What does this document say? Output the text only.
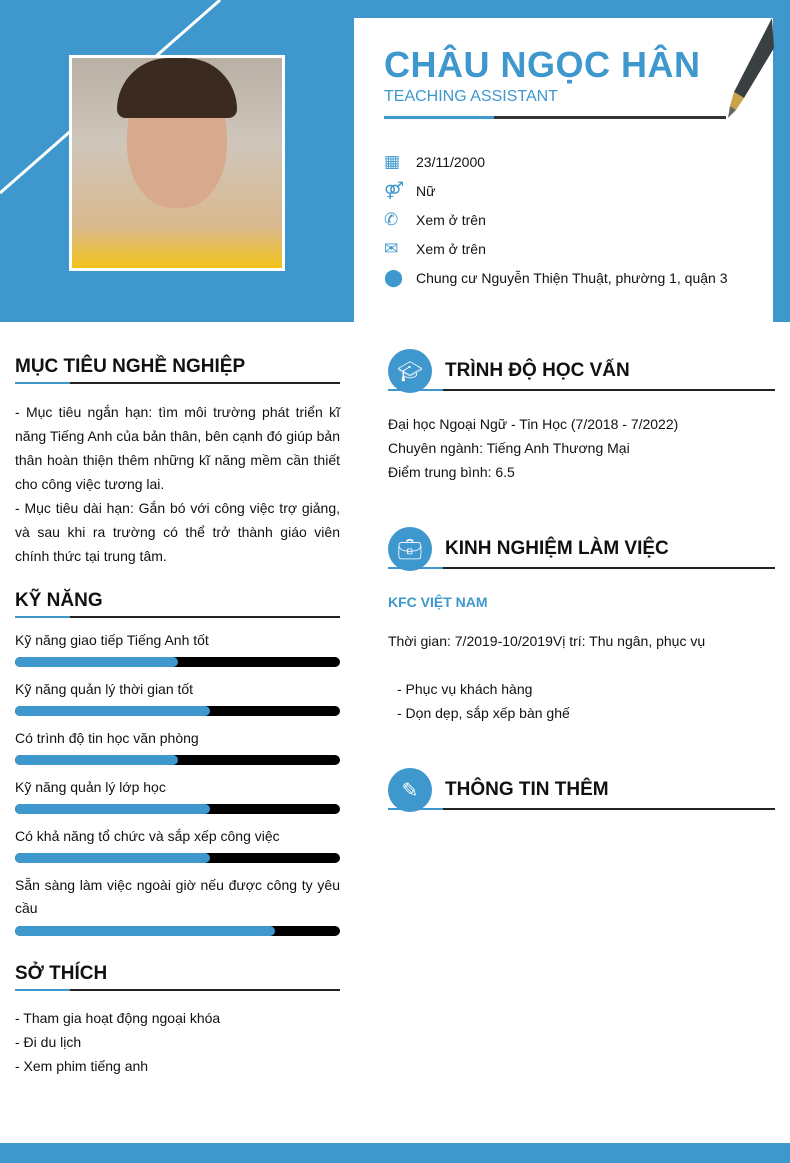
CHÂU NGỌC HÂN
TEACHING ASSISTANT
▦	23/11/2000
⚤ Nữ
✆	Xem ở trên
✉	Xem ở trên
⬤ Chung cư Nguyễn Thiện Thuật, phường 1, quận 3
MỤC TIÊU NGHỀ NGHIỆP
- Mục tiêu ngắn hạn: tìm môi trường phát triển kĩ năng Tiếng Anh của bản thân, bên cạnh đó giúp bản thân hoàn thiện thêm những kĩ năng mềm cần thiết cho công việc tương lai.
- Mục tiêu dài hạn: Gắn bó với công việc trợ giảng, và sau khi ra trường có thể trở thành giáo viên chính thức tại trung tâm.
KỸ NĂNG
Kỹ năng giao tiếp Tiếng Anh tốt
Kỹ năng quản lý thời gian tốt
Có trình độ tin học văn phòng
Kỹ năng quản lý lớp học
Có khả năng tổ chức và sắp xếp công việc
Sẵn sàng làm việc ngoài giờ nếu được công ty yêu cầu
SỞ THÍCH
- Tham gia hoạt động ngoại khóa
- Đi du lịch
- Xem phim tiếng anh
🎓︎	TRÌNH ĐỘ HỌC VẤN
Đại học Ngoại Ngữ - Tin Học (7/2018 - 7/2022)
Chuyên ngành: Tiếng Anh Thương Mại
Điểm trung bình: 6.5
💼︎	KINH NGHIỆM LÀM VIỆC
KFC VIỆT NAM
Thời gian: 7/2019-10/2019Vị trí: Thu ngân, phục vụ
- Phục vụ khách hàng
- Dọn dẹp, sắp xếp bàn ghế
✎	THÔNG TIN THÊM
